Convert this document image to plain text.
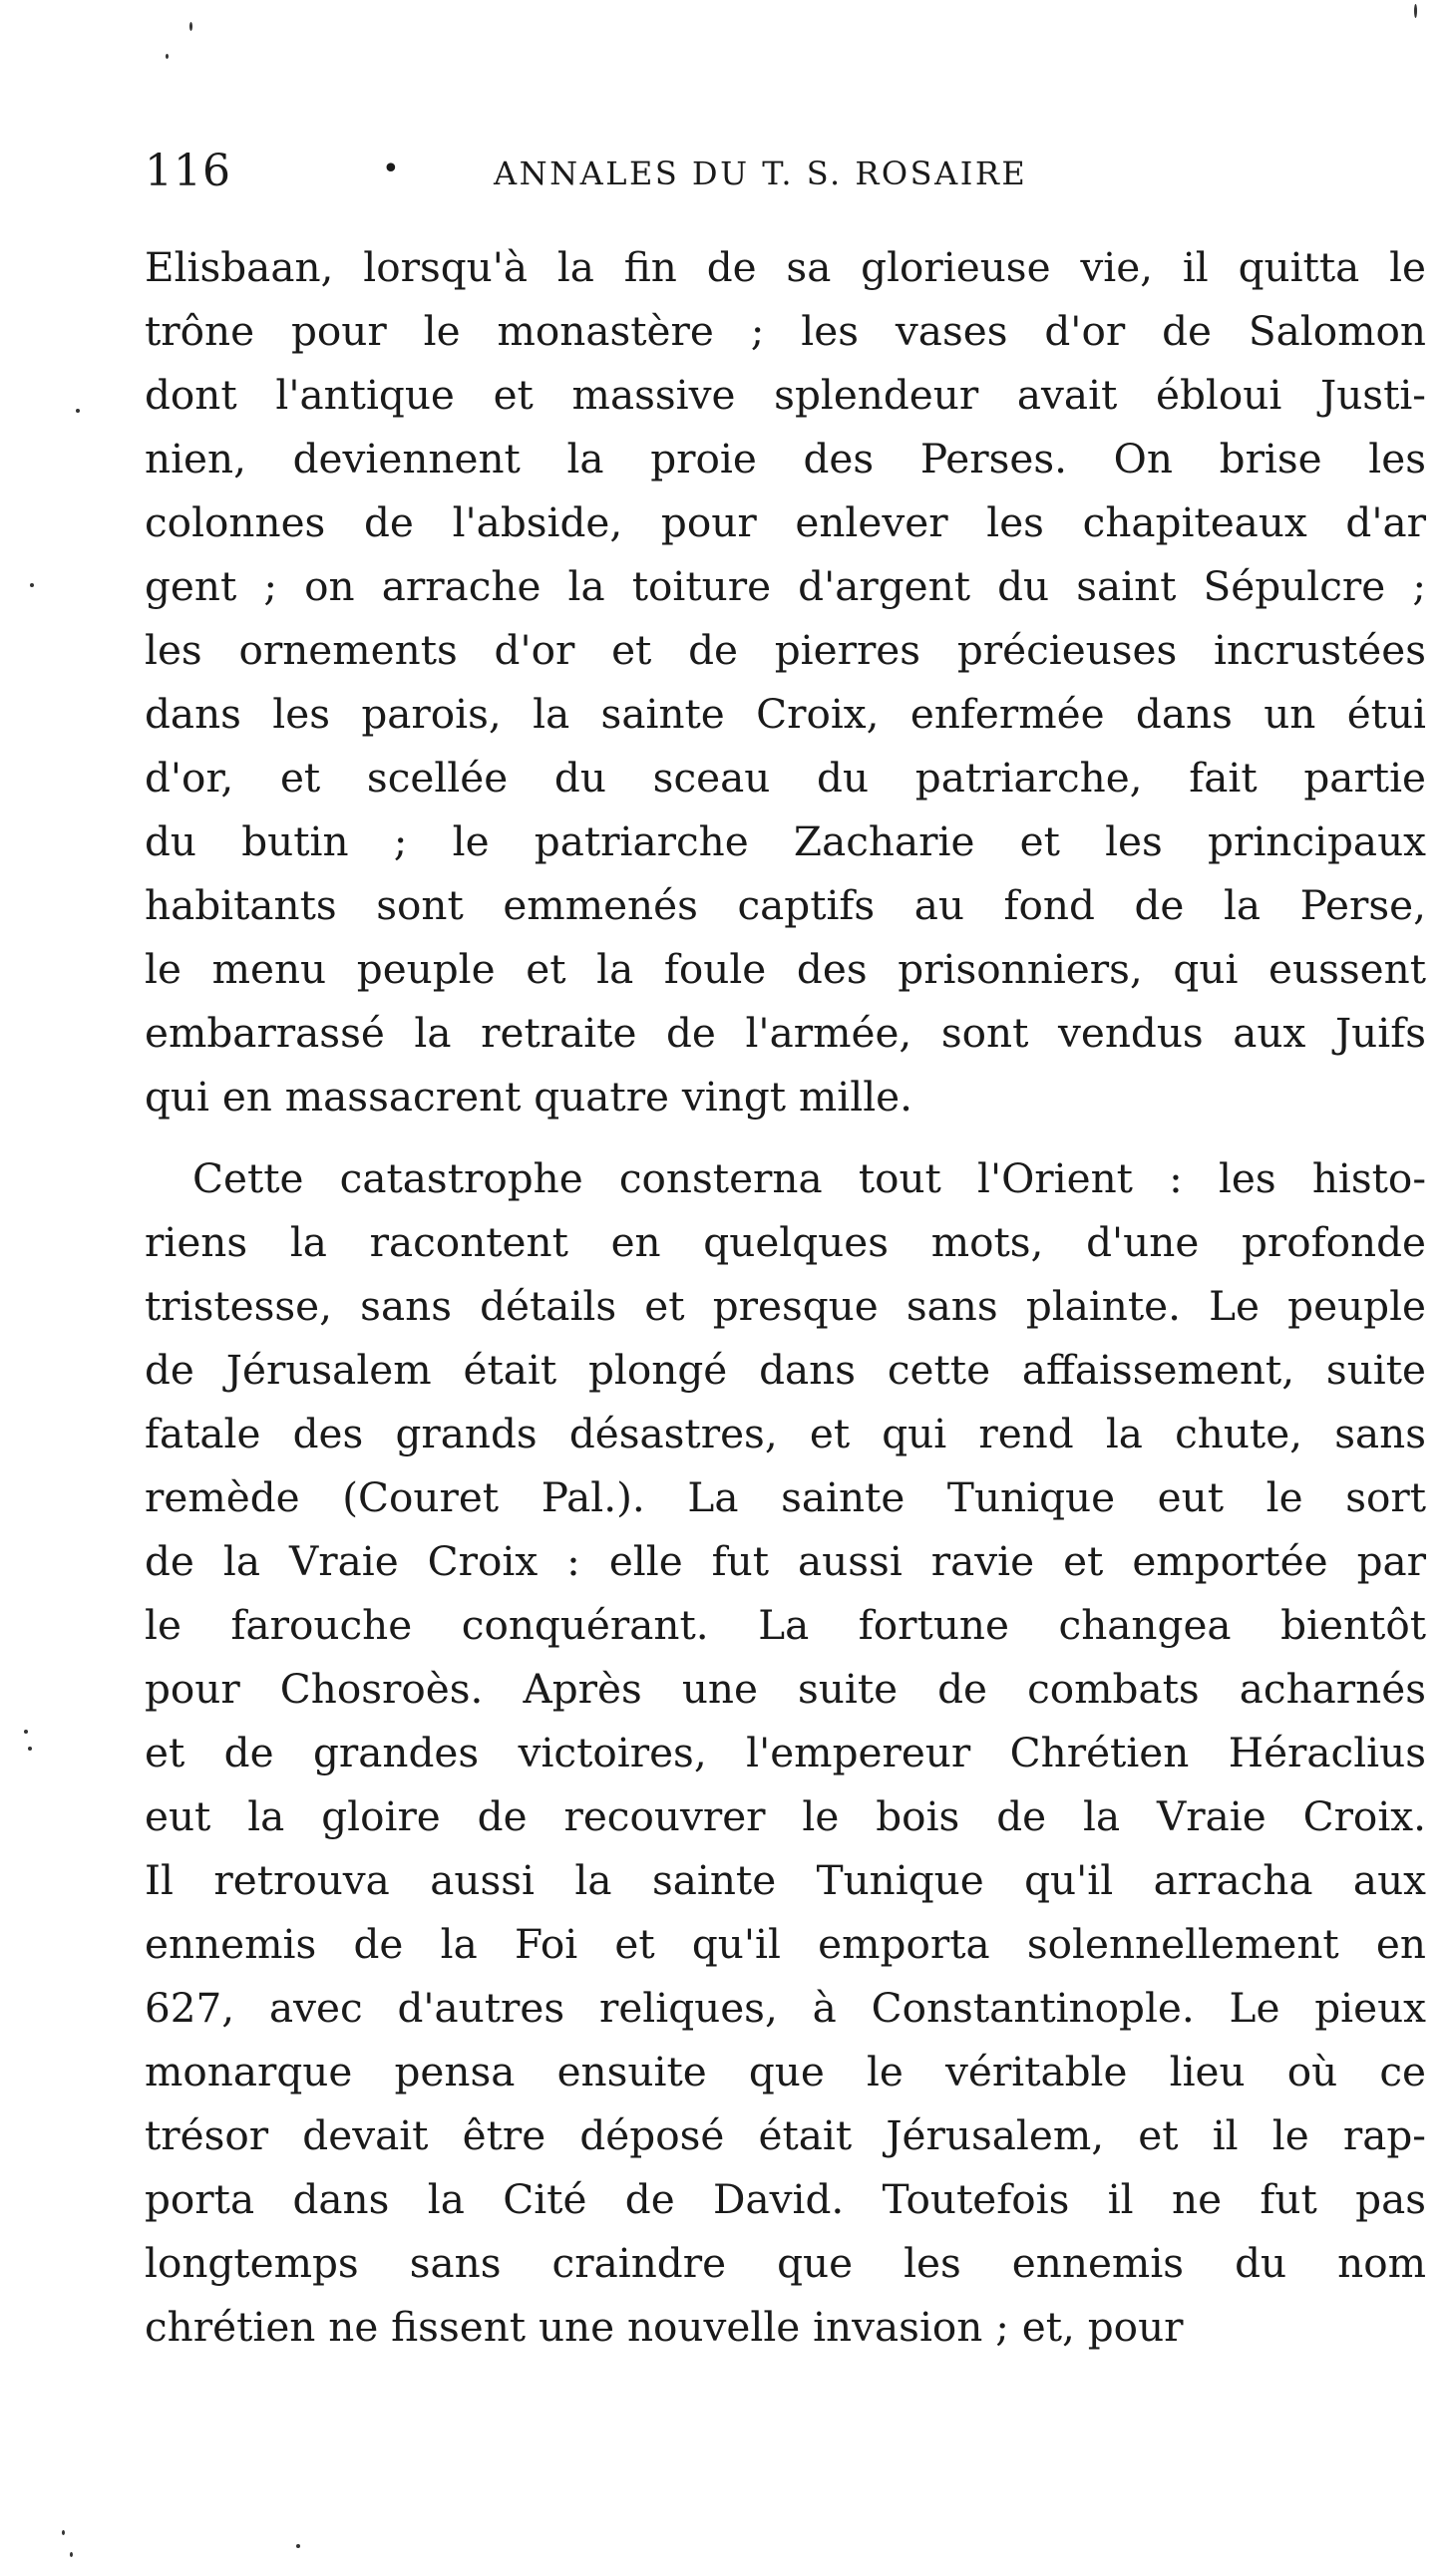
116	•	ANNALES DU T. S. ROSAIRE

Elisbaan, lorsqu'à la fin de sa glorieuse vie, il quitta le
trône pour le monastère ; les vases d'or de Salomon
dont l'antique et massive splendeur avait ébloui Justi-
nien, deviennent la proie des Perses. On brise les
colonnes de l'abside, pour enlever les chapiteaux d'ar
gent ; on arrache la toiture d'argent du saint Sépulcre ;
les ornements d'or et de pierres précieuses incrustées
dans les parois, la sainte Croix, enfermée dans un étui
d'or, et scellée du sceau du patriarche, fait partie
du butin ; le patriarche Zacharie et les principaux
habitants sont emmenés captifs au fond de la Perse,
le menu peuple et la foule des prisonniers, qui eussent
embarrassé la retraite de l'armée, sont vendus aux Juifs
qui en massacrent quatre vingt mille.

Cette catastrophe consterna tout l'Orient : les histo-
riens la racontent en quelques mots, d'une profonde
tristesse, sans détails et presque sans plainte. Le peuple
de Jérusalem était plongé dans cette affaissement, suite
fatale des grands désastres, et qui rend la chute, sans
remède (Couret Pal.). La sainte Tunique eut le sort
de la Vraie Croix : elle fut aussi ravie et emportée par
le farouche conquérant. La fortune changea bientôt
pour Chosroès. Après une suite de combats acharnés
et de grandes victoires, l'empereur Chrétien Héraclius
eut la gloire de recouvrer le bois de la Vraie Croix.
Il retrouva aussi la sainte Tunique qu'il arracha aux
ennemis de la Foi et qu'il emporta solennellement en
627, avec d'autres reliques, à Constantinople. Le pieux
monarque pensa ensuite que le véritable lieu où ce
trésor devait être déposé était Jérusalem, et il le rap-
porta dans la Cité de David. Toutefois il ne fut pas
longtemps sans craindre que les ennemis du nom
chrétien ne fissent une nouvelle invasion ; et, pour
